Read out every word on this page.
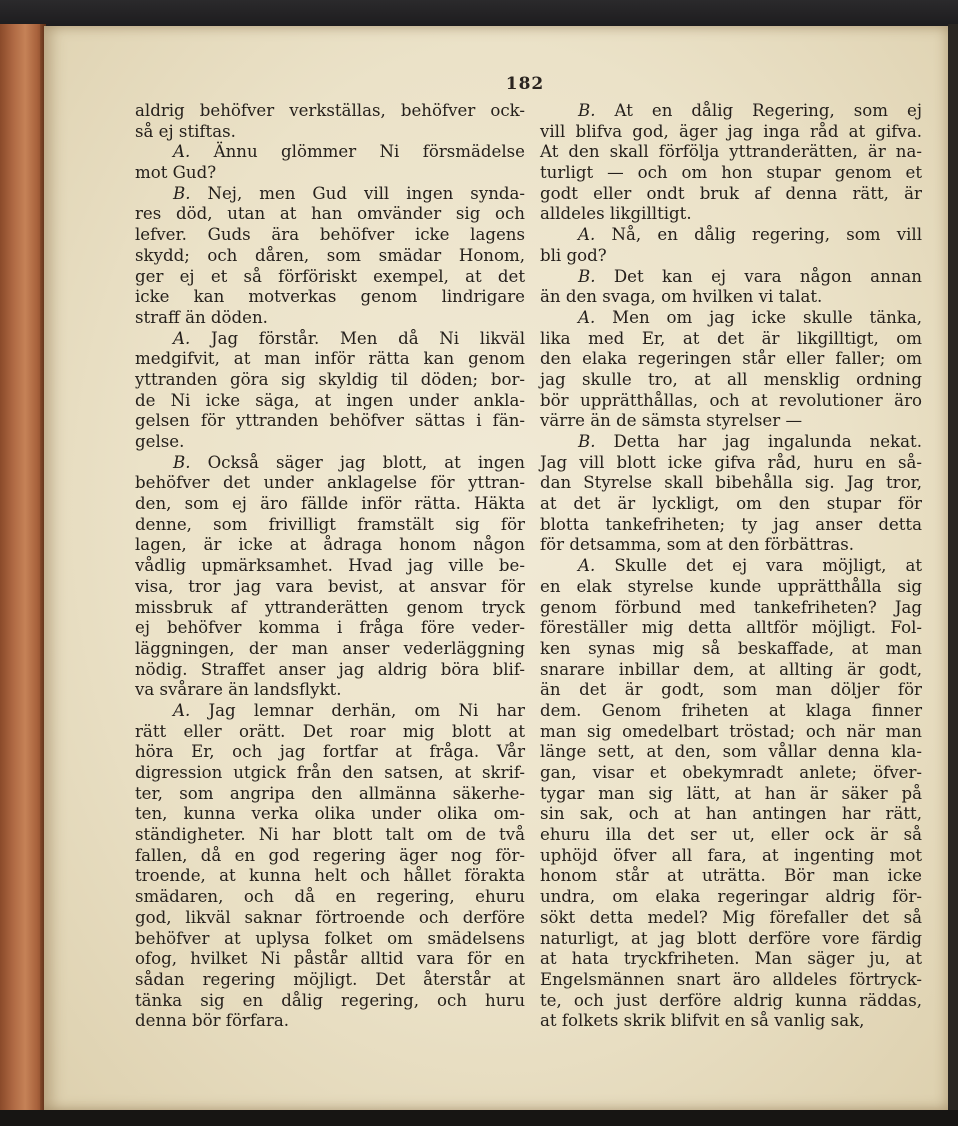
182
aldrig behöfver verkställas, behöfver ock-
så ej stiftas.
A. Ännu glömmer Ni försmädelse
mot Gud?
B. Nej, men Gud vill ingen synda-
res död, utan at han omvänder sig och
lefver. Guds ära behöfver icke lagens
skydd; och dåren, som smädar Honom,
ger ej et så förföriskt exempel, at det
icke kan motverkas genom lindrigare
straff än döden.
A. Jag förstår. Men då Ni likväl
medgifvit, at man inför rätta kan genom
yttranden göra sig skyldig til döden; bor-
de Ni icke säga, at ingen under ankla-
gelsen för yttranden behöfver sättas i fän-
gelse.
B. Också säger jag blott, at ingen
behöfver det under anklagelse för yttran-
den, som ej äro fällde inför rätta. Häkta
denne, som frivilligt framstält sig för
lagen, är icke at ådraga honom någon
vådlig upmärksamhet. Hvad jag ville be-
visa, tror jag vara bevist, at ansvar för
missbruk af yttranderätten genom tryck
ej behöfver komma i fråga före veder-
läggningen, der man anser vederläggning
nödig. Straffet anser jag aldrig böra blif-
va svårare än landsflykt.
A. Jag lemnar derhän, om Ni har
rätt eller orätt. Det roar mig blott at
höra Er, och jag fortfar at fråga. Vår
digression utgick från den satsen, at skrif-
ter, som angripa den allmänna säkerhe-
ten, kunna verka olika under olika om-
ständigheter. Ni har blott talt om de två
fallen, då en god regering äger nog för-
troende, at kunna helt och hållet förakta
smädaren, och då en regering, ehuru
god, likväl saknar förtroende och derföre
behöfver at uplysa folket om smädelsens
ofog, hvilket Ni påstår alltid vara för en
sådan regering möjligt. Det återstår at
tänka sig en dålig regering, och huru
denna bör förfara.
B. At en dålig Regering, som ej
vill blifva god, äger jag inga råd at gifva.
At den skall förfölja yttranderätten, är na-
turligt — och om hon stupar genom et
godt eller ondt bruk af denna rätt, är
alldeles likgilltigt.
A. Nå, en dålig regering, som vill
bli god?
B. Det kan ej vara någon annan
än den svaga, om hvilken vi talat.
A. Men om jag icke skulle tänka,
lika med Er, at det är likgilltigt, om
den elaka regeringen står eller faller; om
jag skulle tro, at all mensklig ordning
bör upprätthållas, och at revolutioner äro
värre än de sämsta styrelser —
B. Detta har jag ingalunda nekat.
Jag vill blott icke gifva råd, huru en så-
dan Styrelse skall bibehålla sig. Jag tror,
at det är lyckligt, om den stupar för
blotta tankefriheten; ty jag anser detta
för detsamma, som at den förbättras.
A. Skulle det ej vara möjligt, at
en elak styrelse kunde upprätthålla sig
genom förbund med tankefriheten? Jag
föreställer mig detta alltför möjligt. Fol-
ken synas mig så beskaffade, at man
snarare inbillar dem, at allting är godt,
än det är godt, som man döljer för
dem. Genom friheten at klaga finner
man sig omedelbart tröstad; och när man
länge sett, at den, som vållar denna kla-
gan, visar et obekymradt anlete; öfver-
tygar man sig lätt, at han är säker på
sin sak, och at han antingen har rätt,
ehuru illa det ser ut, eller ock är så
uphöjd öfver all fara, at ingenting mot
honom står at uträtta. Bör man icke
undra, om elaka regeringar aldrig för-
sökt detta medel? Mig förefaller det så
naturligt, at jag blott derföre vore färdig
at hata tryckfriheten. Man säger ju, at
Engelsmännen snart äro alldeles förtryck-
te, och just derföre aldrig kunna räddas,
at folkets skrik blifvit en så vanlig sak,
